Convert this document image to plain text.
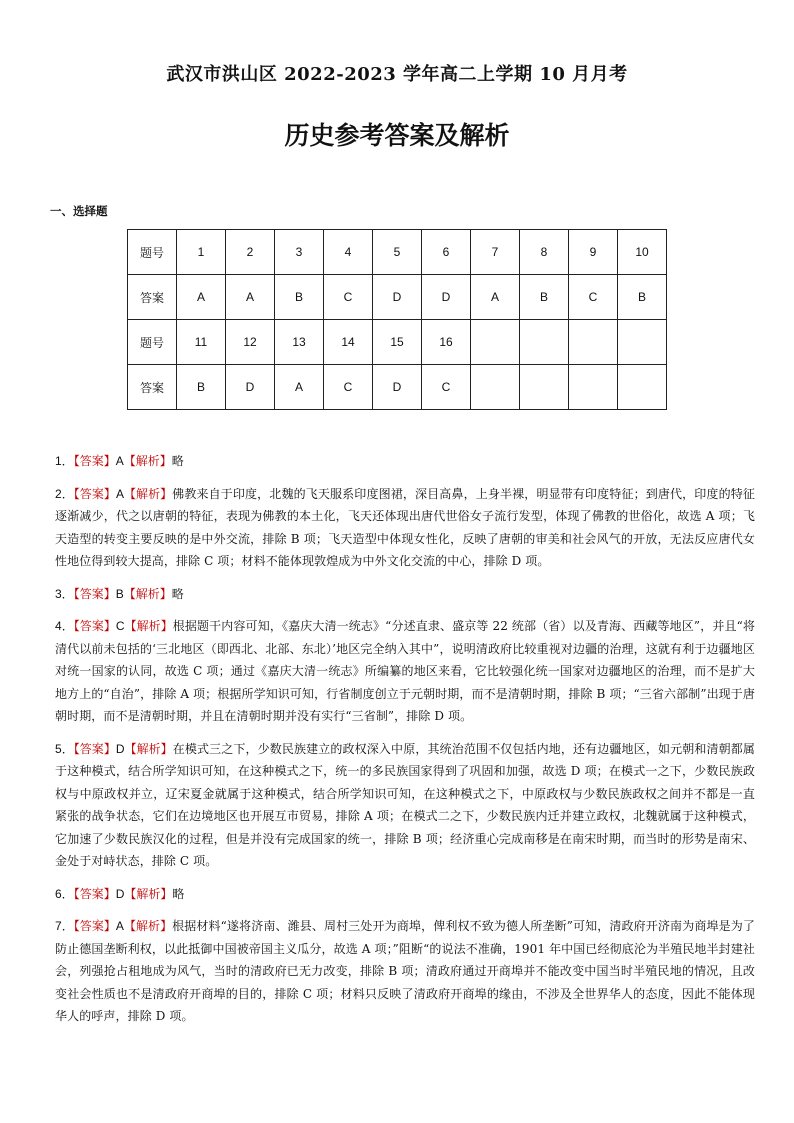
武汉市洪山区 2022-2023 学年高二上学期 10 月月考
历史参考答案及解析
一、选择题
题号	1	2	3	4	5	6	7	8	9	10
答案	A	A	B	C	D	D	A	B	C	B
题号	11	12	13	14	15	16				
答案	B	D	A	C	D	C				
1．【答案】A【解析】略
2．【答案】A【解析】佛教来自于印度，北魏的飞天服系印度图裙，深目高鼻，上身半裸，明显带有印度特征；到唐代，印度的特征逐渐减少，代之以唐朝的特征，表现为佛教的本土化，飞天还体现出唐代世俗女子流行发型，体现了佛教的世俗化，故选 A 项；飞天造型的转变主要反映的是中外交流，排除 B 项；飞天造型中体现女性化，反映了唐朝的审美和社会风气的开放，无法反应唐代女性地位得到较大提高，排除 C 项；材料不能体现敦煌成为中外文化交流的中心，排除 D 项。
3．【答案】B【解析】略
4．【答案】C【解析】根据题干内容可知，《嘉庆大清一统志》“分述直隶、盛京等 22 统部（省）以及青海、西藏等地区”，并且“将清代以前未包括的‘三北地区（即西北、北部、东北）’地区完全纳入其中”，说明清政府比较重视对边疆的治理，这就有利于边疆地区对统一国家的认同，故选 C 项；通过《嘉庆大清一统志》所编纂的地区来看，它比较强化统一国家对边疆地区的治理，而不是扩大地方上的“自治”，排除 A 项；根据所学知识可知，行省制度创立于元朝时期，而不是清朝时期，排除 B 项；“三省六部制”出现于唐朝时期，而不是清朝时期，并且在清朝时期并没有实行“三省制”，排除 D 项。
5．【答案】D【解析】在模式三之下，少数民族建立的政权深入中原，其统治范围不仅包括内地，还有边疆地区，如元朝和清朝都属于这种模式，结合所学知识可知，在这种模式之下，统一的多民族国家得到了巩固和加强，故选 D 项；在模式一之下，少数民族政权与中原政权并立，辽宋夏金就属于这种模式，结合所学知识可知，在这种模式之下，中原政权与少数民族政权之间并不都是一直紧张的战争状态，它们在边境地区也开展互市贸易，排除 A 项；在模式二之下，少数民族内迁并建立政权，北魏就属于这种模式，它加速了少数民族汉化的过程，但是并没有完成国家的统一，排除 B 项；经济重心完成南移是在南宋时期，而当时的形势是南宋、金处于对峙状态，排除 C 项。
6．【答案】D【解析】略
7．【答案】A【解析】根据材料“遂将济南、潍县、周村三处开为商埠，俾利权不致为德人所垄断”可知，清政府开济南为商埠是为了防止德国垄断利权，以此抵御中国被帝国主义瓜分，故选 A 项；”阻断“的说法不准确，1901 年中国已经彻底沦为半殖民地半封建社会，列强抢占租地成为风气，当时的清政府已无力改变，排除 B 项；清政府通过开商埠并不能改变中国当时半殖民地的情况，且改变社会性质也不是清政府开商埠的目的，排除 C 项；材料只反映了清政府开商埠的缘由，不涉及全世界华人的态度，因此不能体现华人的呼声，排除 D 项。
